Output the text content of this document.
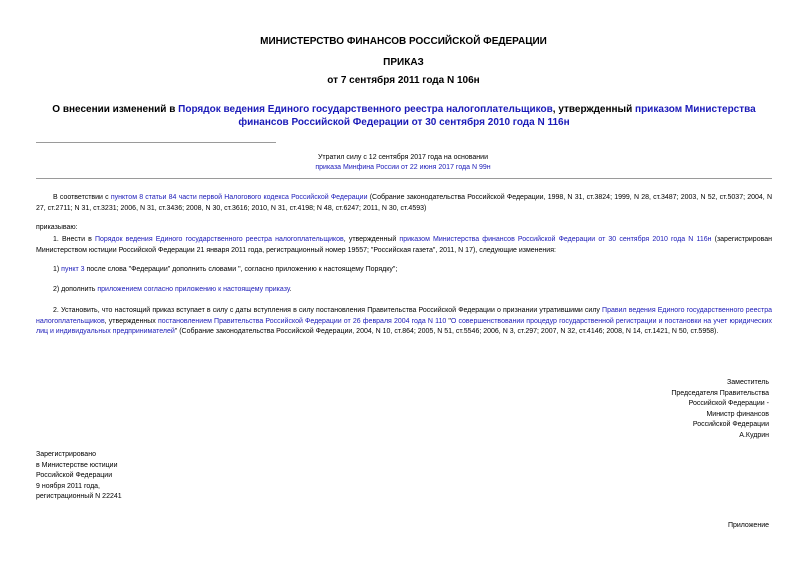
МИНИСТЕРСТВО ФИНАНСОВ РОССИЙСКОЙ ФЕДЕРАЦИИ
ПРИКАЗ
от 7 сентября 2011 года N 106н
О внесении изменений в Порядок ведения Единого государственного реестра налогоплательщиков, утвержденный приказом Министерства финансов Российской Федерации от 30 сентября 2010 года N 116н
Утратил силу с 12 сентября 2017 года на основании
приказа Минфина России от 22 июня 2017 года N 99н
В соответствии с пунктом 8 статьи 84 части первой Налогового кодекса Российской Федерации (Собрание законодательства Российской Федерации, 1998, N 31, ст.3824; 1999, N 28, ст.3487; 2003, N 52, ст.5037; 2004, N 27, ст.2711; N 31, ст.3231; 2006, N 31, ст.3436; 2008, N 30, ст.3616; 2010, N 31, ст.4198; N 48, ст.6247; 2011, N 30, ст.4593)
приказываю:
1. Внести в Порядок ведения Единого государственного реестра налогоплательщиков, утвержденный приказом Министерства финансов Российской Федерации от 30 сентября 2010 года N 116н (зарегистрирован Министерством юстиции Российской Федерации 21 января 2011 года, регистрационный номер 19557; "Российская газета", 2011, N 17), следующие изменения:
1) пункт 3 после слова "Федерации" дополнить словами ", согласно приложению к настоящему Порядку";
2) дополнить приложением согласно приложению к настоящему приказу.
2. Установить, что настоящий приказ вступает в силу с даты вступления в силу постановления Правительства Российской Федерации о признании утратившими силу Правил ведения Единого государственного реестра налогоплательщиков, утвержденных постановлением Правительства Российской Федерации от 26 февраля 2004 года N 110 "О совершенствовании процедур государственной регистрации и постановки на учет юридических лиц и индивидуальных предпринимателей" (Собрание законодательства Российской Федерации, 2004, N 10, ст.864; 2005, N 51, ст.5546; 2006, N 3, ст.297; 2007, N 32, ст.4146; 2008, N 14, ст.1421, N 50, ст.5958).
Заместитель
Председателя Правительства
Российской Федерации -
Министр финансов
Российской Федерации
А.Кудрин
Зарегистрировано
в Министерстве юстиции
Российской Федерации
9 ноября 2011 года,
регистрационный N 22241
Приложение
